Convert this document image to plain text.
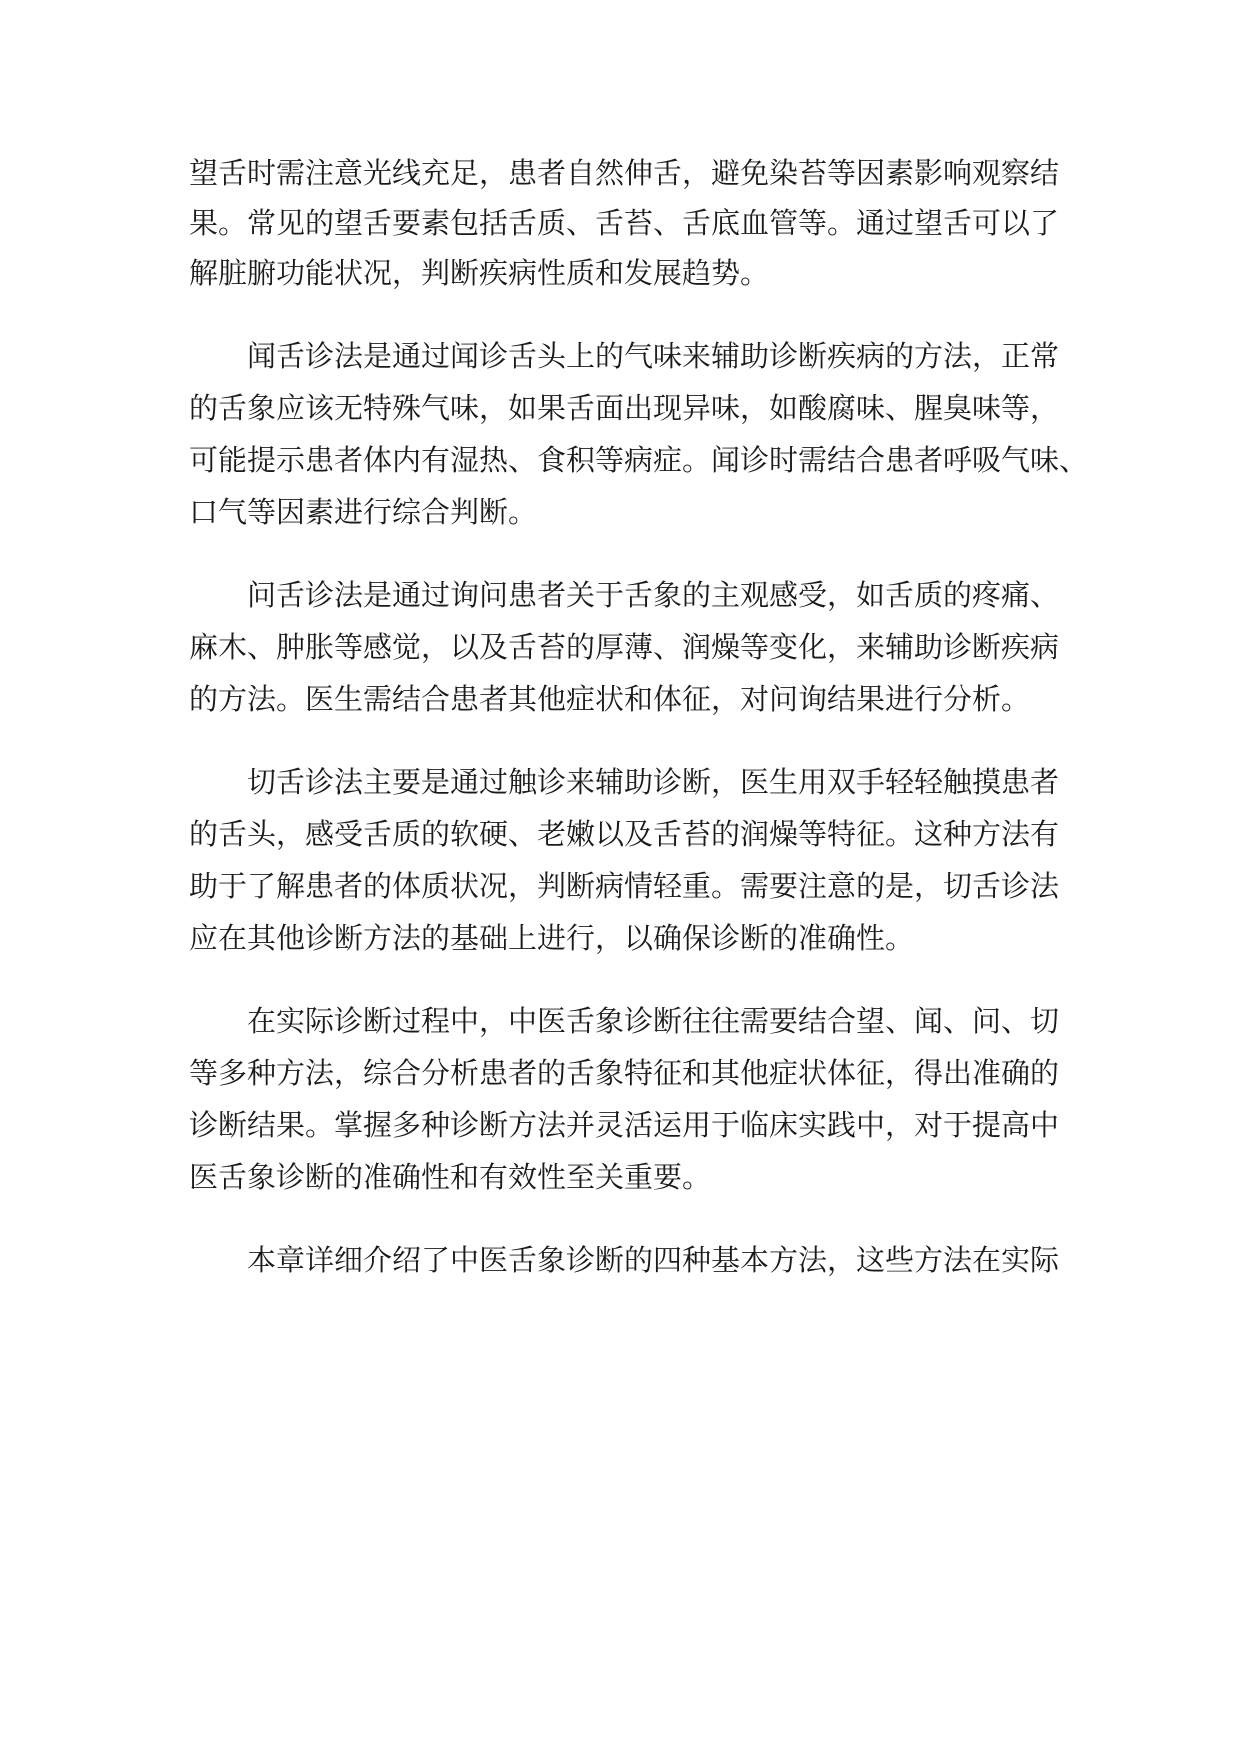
望舌时需注意光线充足，患者自然伸舌，避免染苔等因素影响观察结
果。常见的望舌要素包括舌质、舌苔、舌底血管等。通过望舌可以了
解脏腑功能状况，判断疾病性质和发展趋势。
闻舌诊法是通过闻诊舌头上的气味来辅助诊断疾病的方法，正常
的舌象应该无特殊气味，如果舌面出现异味，如酸腐味、腥臭味等，
可能提示患者体内有湿热、食积等病症。闻诊时需结合患者呼吸气味、
口气等因素进行综合判断。
问舌诊法是通过询问患者关于舌象的主观感受，如舌质的疼痛、
麻木、肿胀等感觉，以及舌苔的厚薄、润燥等变化，来辅助诊断疾病
的方法。医生需结合患者其他症状和体征，对问询结果进行分析。
切舌诊法主要是通过触诊来辅助诊断，医生用双手轻轻触摸患者
的舌头，感受舌质的软硬、老嫩以及舌苔的润燥等特征。这种方法有
助于了解患者的体质状况，判断病情轻重。需要注意的是，切舌诊法
应在其他诊断方法的基础上进行，以确保诊断的准确性。
在实际诊断过程中，中医舌象诊断往往需要结合望、闻、问、切
等多种方法，综合分析患者的舌象特征和其他症状体征，得出准确的
诊断结果。掌握多种诊断方法并灵活运用于临床实践中，对于提高中
医舌象诊断的准确性和有效性至关重要。
本章详细介绍了中医舌象诊断的四种基本方法，这些方法在实际
